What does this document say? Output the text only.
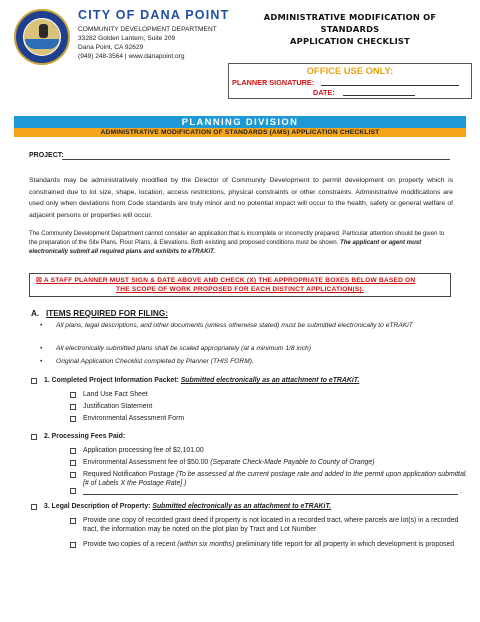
CITY OF DANA POINT
COMMUNITY DEVELOPMENT DEPARTMENT
33282 Golden Lantern, Suite 209
Dana Point, CA 92629
(949) 248-3564 | www.danapoint.org
ADMINISTRATIVE MODIFICATION OF
STANDARDS
APPLICATION CHECKLIST
OFFICE USE ONLY:
PLANNER SIGNATURE:
DATE:
PLANNING DIVISION
ADMINISTRATIVE MODIFICATION OF STANDARDS (AMS) APPLICATION CHECKLIST
PROJECT:
Standards may be administratively modified by the Director of Community Development to permit development on property which is constrained due to lot size, shape, location, access restrictions, physical constraints or other constraints. Administrative modifications are used only when deviations from Code standards are truly minor and no potential impact will occur to the health, safety or general welfare of adjacent persons or properties will occur.
The Community Development Department cannot consider an application that is incomplete or incorrectly prepared. Particular attention should be given to the preparation of the Site Plans, Floor Plans, & Elevations. Both existing and proposed conditions must be shown. The applicant or agent must electronically submit all required plans and exhibits to eTRAKiT.
☒ A STAFF PLANNER MUST SIGN & DATE ABOVE AND CHECK (X) THE APPROPRIATE BOXES BELOW BASED ON
THE SCOPE OF WORK PROPOSED FOR EACH DISTINCT APPLICATION(S).
A. ITEMS REQUIRED FOR FILING:
• All plans, legal descriptions, and other documents (unless otherwise stated) must be submitted electronically to eTRAKiT
• All electronically submitted plans shall be scaled appropriately (at a minimum 1/8 inch)
• Original Application Checklist completed by Planner (THIS FORM).
1. Completed Project Information Packet: Submitted electronically as an attachment to eTRAKiT.
Land Use Fact Sheet
Justification Statement
Environmental Assessment Form
2. Processing Fees Paid:
Application processing fee of $2,101.00
Environmental Assessment fee of $50.00 (Separate Check-Made Payable to County of Orange)
Required Notification Postage (To be assessed at the current postage rate and added to the permit upon application submittal. [# of Labels X the Postage Rate] )
.
3. Legal Description of Property: Submitted electronically as an attachment to eTRAKiT.
Provide one copy of recorded grant deed if property is not located in a recorded tract, where parcels are lot(s) in a recorded tract, the information may be noted on the plot plan by Tract and Lot Number
Provide two copies of a recent (within six months) preliminary title report for all property in which development is proposed
